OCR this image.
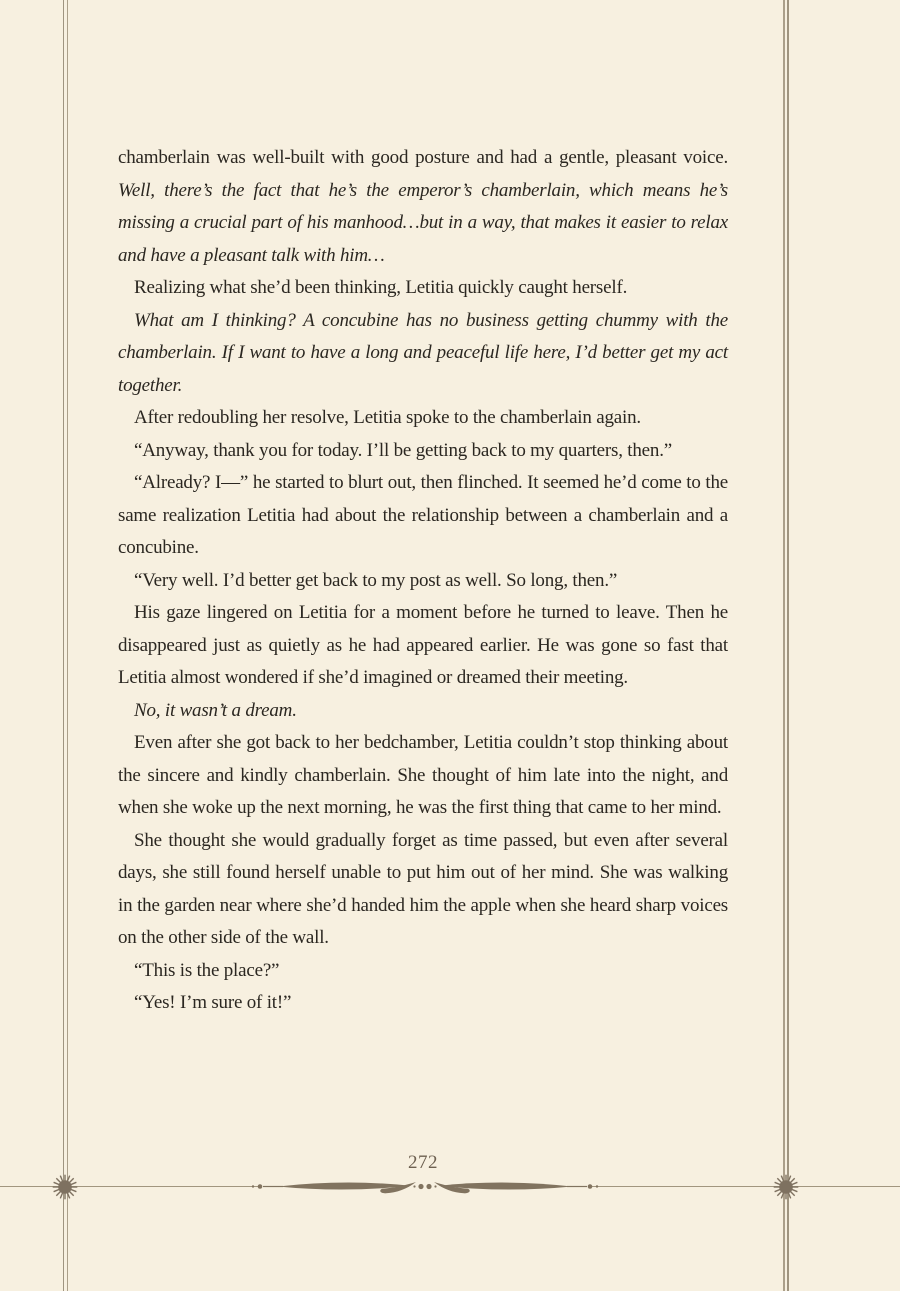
chamberlain was well-built with good posture and had a gentle, pleasant voice. Well, there’s the fact that he’s the emperor’s chamberlain, which means he’s missing a crucial part of his manhood…but in a way, that makes it easier to relax and have a pleasant talk with him…

Realizing what she’d been thinking, Letitia quickly caught herself.

What am I thinking? A concubine has no business getting chummy with the chamberlain. If I want to have a long and peaceful life here, I’d better get my act together.

After redoubling her resolve, Letitia spoke to the chamberlain again.

“Anyway, thank you for today. I’ll be getting back to my quarters, then.”

“Already? I—” he started to blurt out, then flinched. It seemed he’d come to the same realization Letitia had about the relationship between a chamberlain and a concubine.

“Very well. I’d better get back to my post as well. So long, then.”

His gaze lingered on Letitia for a moment before he turned to leave. Then he disappeared just as quietly as he had appeared earlier. He was gone so fast that Letitia almost wondered if she’d imagined or dreamed their meeting.

No, it wasn’t a dream.

Even after she got back to her bedchamber, Letitia couldn’t stop thinking about the sincere and kindly chamberlain. She thought of him late into the night, and when she woke up the next morning, he was the first thing that came to her mind.

She thought she would gradually forget as time passed, but even after several days, she still found herself unable to put him out of her mind. She was walking in the garden near where she’d handed him the apple when she heard sharp voices on the other side of the wall.

“This is the place?”

“Yes! I’m sure of it!”

272
